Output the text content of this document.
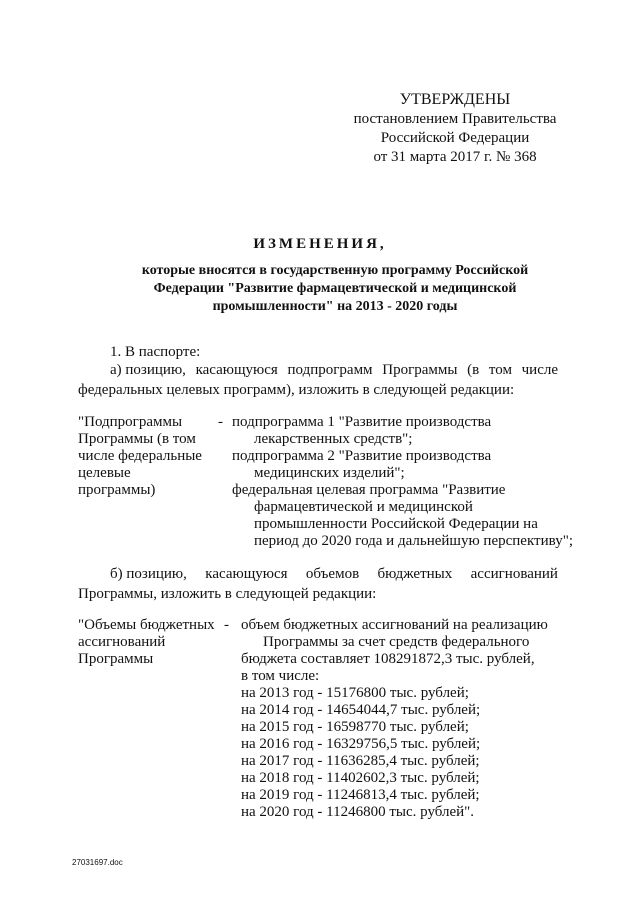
УТВЕРЖДЕНЫ
постановлением Правительства
Российской Федерации
от 31 марта 2017 г. № 368
ИЗМЕНЕНИЯ,
которые вносятся в государственную программу Российской
Федерации "Развитие фармацевтической и медицинской
промышленности" на 2013 - 2020 годы
1. В паспорте:
а) позицию, касающуюся подпрограмм Программы (в том числе
федеральных целевых программ), изложить в следующей редакции:
"Подпрограммы
Программы (в том
числе федеральные
целевые
программы)
- подпрограмма 1 "Развитие производства
лекарственных средств";
подпрограмма 2 "Развитие производства
медицинских изделий";
федеральная целевая программа "Развитие
фармацевтической и медицинской
промышленности Российской Федерации на
период до 2020 года и дальнейшую перспективу";
б) позицию, касающуюся объемов бюджетных ассигнований
Программы, изложить в следующей редакции:
"Объемы бюджетных
ассигнований
Программы
- объем бюджетных ассигнований на реализацию
Программы за счет средств федерального
бюджета составляет 108291872,3 тыс. рублей,
в том числе:
на 2013 год - 15176800 тыс. рублей;
на 2014 год - 14654044,7 тыс. рублей;
на 2015 год - 16598770 тыс. рублей;
на 2016 год - 16329756,5 тыс. рублей;
на 2017 год - 11636285,4 тыс. рублей;
на 2018 год - 11402602,3 тыс. рублей;
на 2019 год - 11246813,4 тыс. рублей;
на 2020 год - 11246800 тыс. рублей".
27031697.doc
